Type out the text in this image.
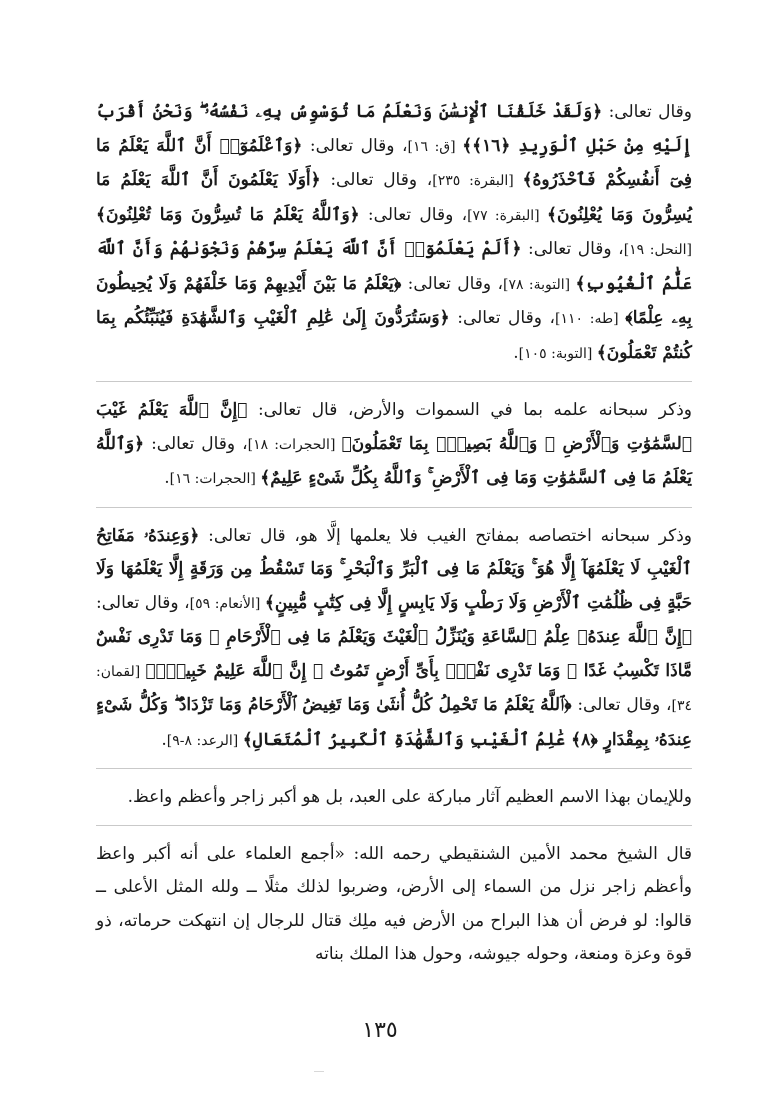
وقال تعالى: ﴿وَلَقَدْ خَلَقْنَا ٱلْإِنسَٰنَ وَنَعْلَمُ مَا تُوَسْوِسُ بِهِۦ نَفْسُهُۥ ۖ وَنَحْنُ أَقْرَبُ إِلَيْهِ مِنْ حَبْلِ ٱلْوَرِيدِ ﴿١٦﴾﴾ [ق: ١٦]، وقال تعالى: ﴿وَٱعْلَمُوٓا۟ أَنَّ ٱللَّهَ يَعْلَمُ مَا فِىٓ أَنفُسِكُمْ فَٱحْذَرُوهُ﴾ [البقرة: ٢٣٥]، وقال تعالى: ﴿أَوَلَا يَعْلَمُونَ أَنَّ ٱللَّهَ يَعْلَمُ مَا يُسِرُّونَ وَمَا يُعْلِنُونَ﴾ [البقرة: ٧٧]، وقال تعالى: ﴿وَٱللَّهُ يَعْلَمُ مَا تُسِرُّونَ وَمَا تُعْلِنُونَ﴾ [النحل: ١٩]، وقال تعالى: ﴿أَلَمْ يَعْلَمُوٓا۟ أَنَّ ٱللَّهَ يَعْلَمُ سِرَّهُمْ وَنَجْوَىٰهُمْ وَأَنَّ ٱللَّهَ عَلَّٰمُ ٱلْغُيُوبِ﴾ [التوبة: ٧٨]، وقال تعالى: ﴿يَعْلَمُ مَا بَيْنَ أَيْدِيهِمْ وَمَا خَلْفَهُمْ وَلَا يُحِيطُونَ بِهِۦ عِلْمًا﴾ [طه: ١١٠]، وقال تعالى: ﴿وَسَتُرَدُّونَ إِلَىٰ عَٰلِمِ ٱلْغَيْبِ وَٱلشَّهَٰدَةِ فَيُنَبِّئُكُم بِمَا كُنتُمْ تَعْمَلُونَ﴾ [التوبة: ١٠٥].

وذكر سبحانه علمه بما في السموات والأرض، قال تعالى: ﴿إِنَّ ٱللَّهَ يَعْلَمُ غَيْبَ ٱلسَّمَٰوَٰتِ وَٱلْأَرْضِ ۚ وَٱللَّهُ بَصِيرٌۢ بِمَا تَعْمَلُونَ﴾ [الحجرات: ١٨]، وقال تعالى: ﴿وَٱللَّهُ يَعْلَمُ مَا فِى ٱلسَّمَٰوَٰتِ وَمَا فِى ٱلْأَرْضِ ۚ وَٱللَّهُ بِكُلِّ شَىْءٍ عَلِيمٌ﴾ [الحجرات: ١٦].

وذكر سبحانه اختصاصه بمفاتح الغيب فلا يعلمها إلَّا هو، قال تعالى: ﴿وَعِندَهُۥ مَفَاتِحُ ٱلْغَيْبِ لَا يَعْلَمُهَآ إِلَّا هُوَ ۚ وَيَعْلَمُ مَا فِى ٱلْبَرِّ وَٱلْبَحْرِ ۚ وَمَا تَسْقُطُ مِن وَرَقَةٍ إِلَّا يَعْلَمُهَا وَلَا حَبَّةٍ فِى ظُلُمَٰتِ ٱلْأَرْضِ وَلَا رَطْبٍ وَلَا يَابِسٍ إِلَّا فِى كِتَٰبٍ مُّبِينٍ﴾ [الأنعام: ٥٩]، وقال تعالى: ﴿إِنَّ ٱللَّهَ عِندَهُۥ عِلْمُ ٱلسَّاعَةِ وَيُنَزِّلُ ٱلْغَيْثَ وَيَعْلَمُ مَا فِى ٱلْأَرْحَامِ ۖ وَمَا تَدْرِى نَفْسٌ مَّاذَا تَكْسِبُ غَدًا ۖ وَمَا تَدْرِى نَفْسٌۢ بِأَىِّ أَرْضٍ تَمُوتُ ۚ إِنَّ ٱللَّهَ عَلِيمٌ خَبِيرٌۢ﴾ [لقمان: ٣٤]، وقال تعالى: ﴿ٱللَّهُ يَعْلَمُ مَا تَحْمِلُ كُلُّ أُنثَىٰ وَمَا تَغِيضُ ٱلْأَرْحَامُ وَمَا تَزْدَادُ ۖ وَكُلُّ شَىْءٍ عِندَهُۥ بِمِقْدَارٍ ﴿٨﴾ عَٰلِمُ ٱلْغَيْبِ وَٱلشَّهَٰدَةِ ٱلْكَبِيرُ ٱلْمُتَعَالِ﴾ [الرعد: ٨-٩].

وللإيمان بهذا الاسم العظيم آثار مباركة على العبد، بل هو أكبر زاجر وأعظم واعظ.

قال الشيخ محمد الأمين الشنقيطي رحمه الله: «أجمع العلماء على أنه أكبر واعظ وأعظم زاجر نزل من السماء إلى الأرض، وضربوا لذلك مثلًا ــ ولله المثل الأعلى ــ قالوا: لو فرض أن هذا البراح من الأرض فيه ملِك قتال للرجال إن انتهكت حرماته، ذو قوة وعزة ومنعة، وحوله جيوشه، وحول هذا الملك بناته

١٣٥
